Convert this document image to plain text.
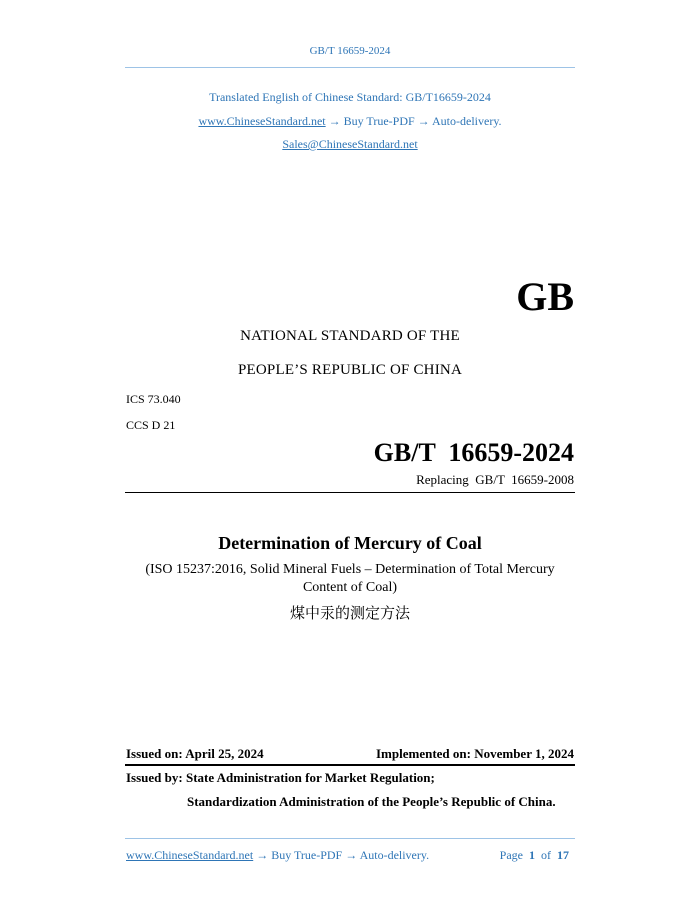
GB/T 16659-2024
Translated English of Chinese Standard: GB/T16659-2024
www.ChineseStandard.net → Buy True-PDF → Auto-delivery.
Sales@ChineseStandard.net
GB
NATIONAL STANDARD OF THE
PEOPLE’S REPUBLIC OF CHINA
ICS 73.040
CCS D 21
GB/T  16659-2024
Replacing  GB/T  16659-2008
Determination of Mercury of Coal
(ISO 15237:2016, Solid Mineral Fuels – Determination of Total Mercury Content of Coal)
煤中汞的测定方法
Issued on: April 25, 2024	Implemented on: November 1, 2024
Issued by: State Administration for Market Regulation;
Standardization Administration of the People’s Republic of China.
www.ChineseStandard.net → Buy True-PDF → Auto-delivery.	Page 1 of 17
